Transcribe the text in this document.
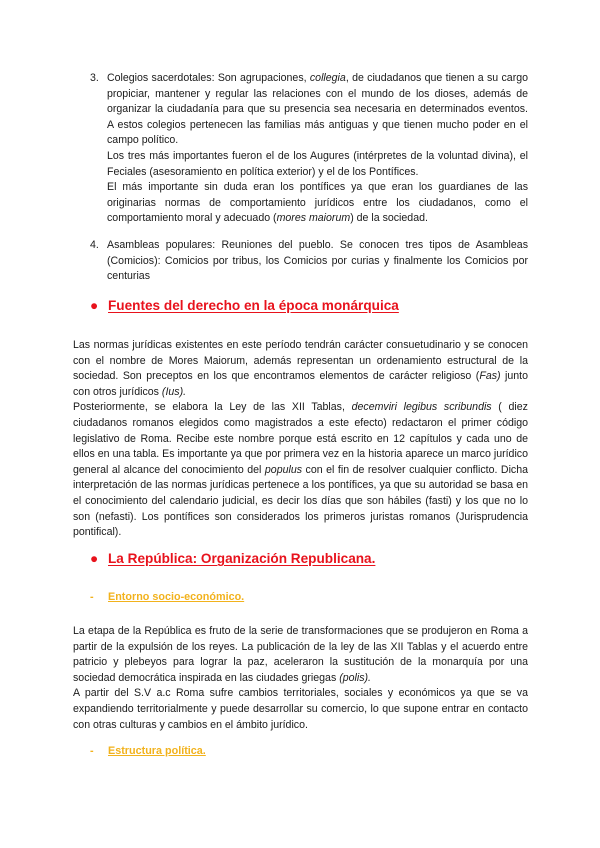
3. Colegios sacerdotales: Son agrupaciones, collegia, de ciudadanos que tienen a su cargo propiciar, mantener y regular las relaciones con el mundo de los dioses, además de organizar la ciudadanía para que su presencia sea necesaria en determinados eventos. A estos colegios pertenecen las familias más antiguas y que tienen mucho poder en el campo político.

Los tres más importantes fueron el de los Augures (intérpretes de la voluntad divina), el Feciales (asesoramiento en política exterior) y el de los Pontífices.

El más importante sin duda eran los pontífices ya que eran los guardianes de las originarias normas de comportamiento jurídicos entre los ciudadanos, como el comportamiento moral y adecuado (mores maiorum) de la sociedad.

4. Asambleas populares: Reuniones del pueblo. Se conocen tres tipos de Asambleas (Comicios): Comicios por tribus, los Comicios por curias y finalmente los Comicios por centurias

● Fuentes del derecho en la época monárquica

Las normas jurídicas existentes en este período tendrán carácter consuetudinario y se conocen con el nombre de Mores Maiorum, además representan un ordenamiento estructural de la sociedad. Son preceptos en los que encontramos elementos de carácter religioso (Fas) junto con otros jurídicos (Ius).
Posteriormente, se elabora la Ley de las XII Tablas, decemviri legibus scribundis ( diez ciudadanos romanos elegidos como magistrados a este efecto) redactaron el primer código legislativo de Roma. Recibe este nombre porque está escrito en 12 capítulos y cada uno de ellos en una tabla. Es importante ya que por primera vez en la historia aparece un marco jurídico general al alcance del conocimiento del populus con el fin de resolver cualquier conflicto. Dicha interpretación de las normas jurídicas pertenece a los pontífices, ya que su autoridad se basa en el conocimiento del calendario judicial, es decir los días que son hábiles (fasti) y los que no lo son (nefasti). Los pontífices son considerados los primeros juristas romanos (Jurisprudencia pontifical).

● La República: Organización Republicana.
- Entorno socio-económico.

La etapa de la República es fruto de la serie de transformaciones que se produjeron en Roma a partir de la expulsión de los reyes. La publicación de la ley de las XII Tablas y el acuerdo entre patricio y plebeyos para lograr la paz, aceleraron la sustitución de la monarquía por una sociedad democrática inspirada en las ciudades griegas (polis).
A partir del S.V a.c Roma sufre cambios territoriales, sociales y económicos ya que se va expandiendo territorialmente y puede desarrollar su comercio, lo que supone entrar en contacto con otras culturas y cambios en el ámbito jurídico.

- Estructura política.
